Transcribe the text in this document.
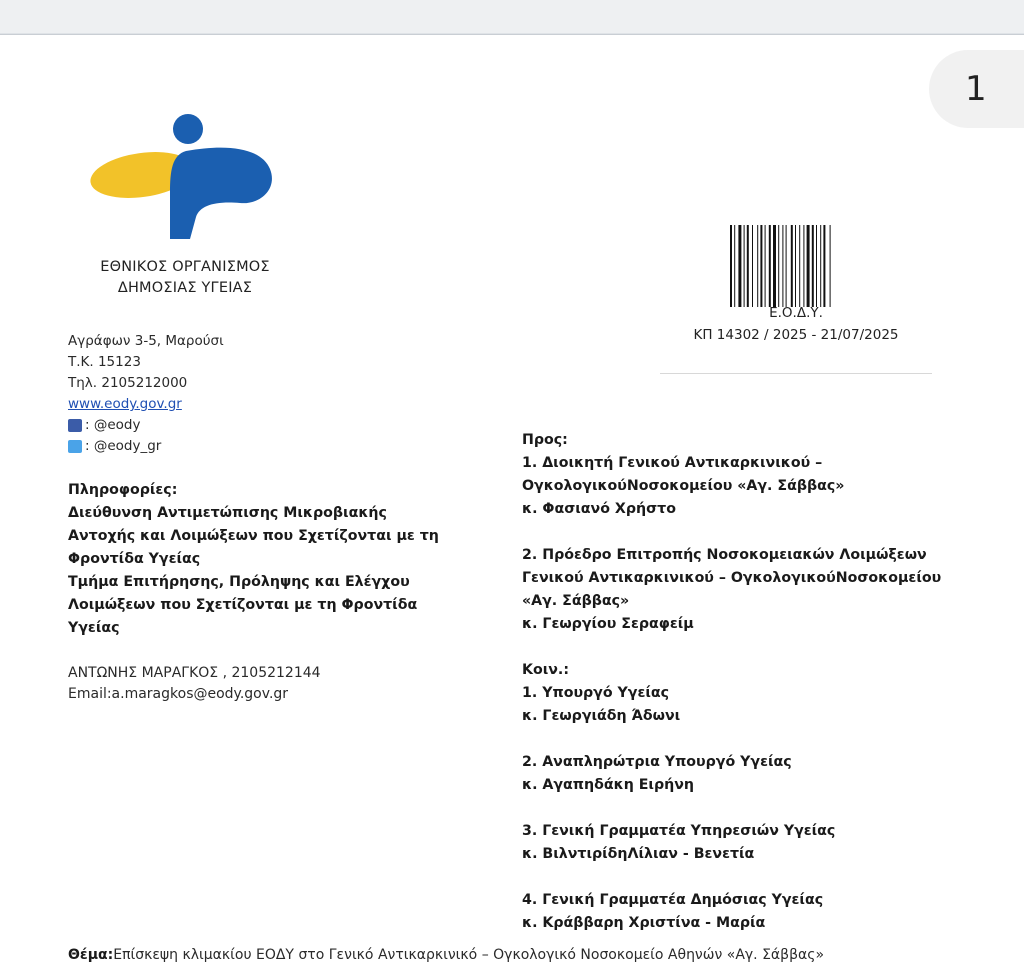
ΕΘΝΙΚΟΣ ΟΡΓΑΝΙΣΜΟΣ
ΔΗΜΟΣΙΑΣ ΥΓΕΙΑΣ
Αγράφων 3-5, Μαρούσι
Τ.Κ. 15123
Τηλ. 2105212000
www.eody.gov.gr
: @eody
: @eody_gr
Πληροφορίες:
Διεύθυνση Αντιμετώπισης Μικροβιακής
Αντοχής και Λοιμώξεων που Σχετίζονται με τη
Φροντίδα Υγείας
Τμήμα Επιτήρησης, Πρόληψης και Ελέγχου
Λοιμώξεων που Σχετίζονται με τη Φροντίδα
Υγείας
ΑΝΤΩΝΗΣ ΜΑΡΑΓΚΟΣ , 2105212144
Email:a.maragkos@eody.gov.gr
Ε.Ο.Δ.Υ.
ΚΠ 14302 / 2025 - 21/07/2025
Προς:
1. Διοικητή Γενικού Αντικαρκινικού –
ΟγκολογικούΝοσοκομείου «Αγ. Σάββας»
κ. Φασιανό Χρήστο
2. Πρόεδρο Επιτροπής Νοσοκομειακών Λοιμώξεων
Γενικού Αντικαρκινικού – ΟγκολογικούΝοσοκομείου
«Αγ. Σάββας»
κ. Γεωργίου Σεραφείμ
Κοιν.:
1. Υπουργό Υγείας
κ. Γεωργιάδη Άδωνι
2. Αναπληρώτρια Υπουργό Υγείας
κ. Αγαπηδάκη Ειρήνη
3. Γενική Γραμματέα Υπηρεσιών Υγείας
κ. ΒιλντιρίδηΛίλιαν - Βενετία
4. Γενική Γραμματέα Δημόσιας Υγείας
κ. Κράββαρη Χριστίνα - Μαρία
Θέμα:Επίσκεψη κλιμακίου ΕΟΔΥ στο Γενικό Αντικαρκινικό – Ογκολογικό Νοσοκομείο Αθηνών «Αγ. Σάββας»
1
